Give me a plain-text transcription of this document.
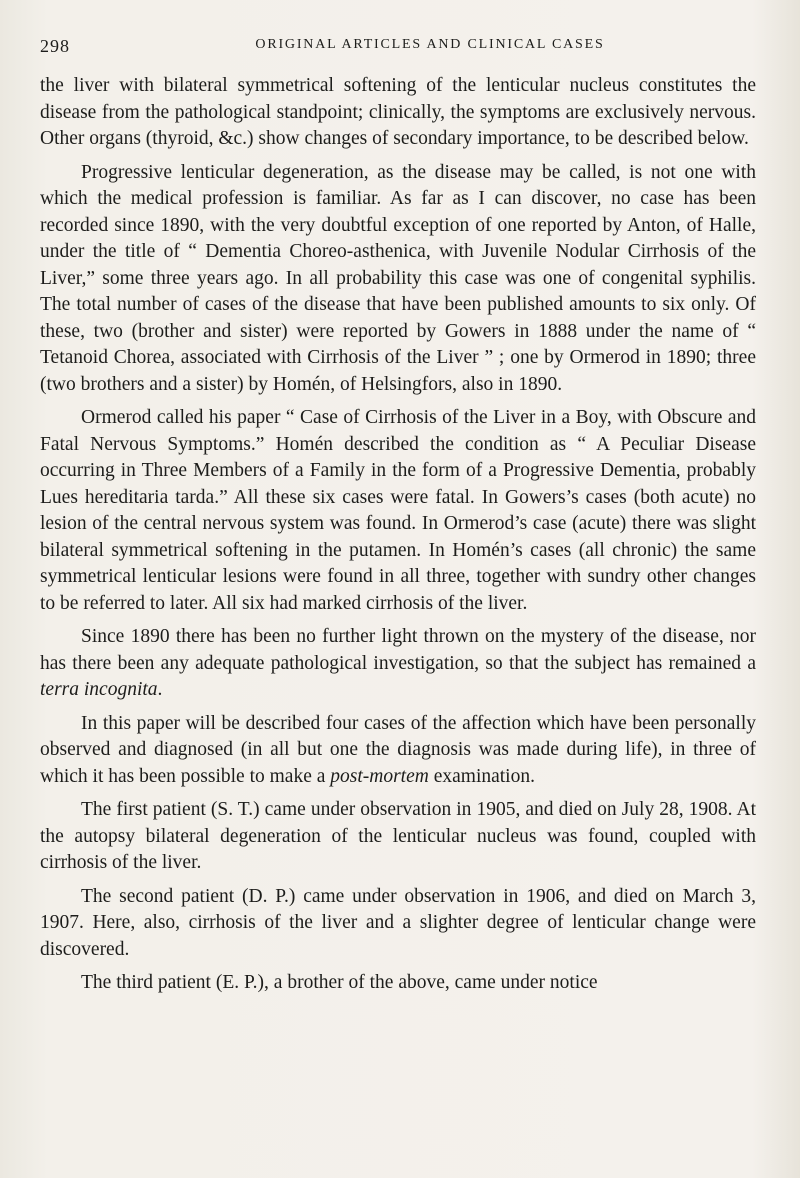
298	ORIGINAL ARTICLES AND CLINICAL CASES

the liver with bilateral symmetrical softening of the lenticular nucleus constitutes the disease from the pathological standpoint; clinically, the symptoms are exclusively nervous. Other organs (thyroid, &c.) show changes of secondary importance, to be described below.

Progressive lenticular degeneration, as the disease may be called, is not one with which the medical profession is familiar. As far as I can discover, no case has been recorded since 1890, with the very doubtful exception of one reported by Anton, of Halle, under the title of “ Dementia Choreo-asthenica, with Juvenile Nodular Cirrhosis of the Liver,” some three years ago. In all probability this case was one of congenital syphilis. The total number of cases of the disease that have been published amounts to six only. Of these, two (brother and sister) were reported by Gowers in 1888 under the name of “ Tetanoid Chorea, associated with Cirrhosis of the Liver ” ; one by Ormerod in 1890; three (two brothers and a sister) by Homén, of Helsingfors, also in 1890.

Ormerod called his paper “ Case of Cirrhosis of the Liver in a Boy, with Obscure and Fatal Nervous Symptoms.” Homén described the condition as “ A Peculiar Disease occurring in Three Members of a Family in the form of a Progressive Dementia, probably Lues hereditaria tarda.” All these six cases were fatal. In Gowers’s cases (both acute) no lesion of the central nervous system was found. In Ormerod’s case (acute) there was slight bilateral symmetrical softening in the putamen. In Homén’s cases (all chronic) the same symmetrical lenticular lesions were found in all three, together with sundry other changes to be referred to later. All six had marked cirrhosis of the liver.

Since 1890 there has been no further light thrown on the mystery of the disease, nor has there been any adequate pathological investigation, so that the subject has remained a terra incognita.

In this paper will be described four cases of the affection which have been personally observed and diagnosed (in all but one the diagnosis was made during life), in three of which it has been possible to make a post-mortem examination.

The first patient (S. T.) came under observation in 1905, and died on July 28, 1908. At the autopsy bilateral degeneration of the lenticular nucleus was found, coupled with cirrhosis of the liver.

The second patient (D. P.) came under observation in 1906, and died on March 3, 1907. Here, also, cirrhosis of the liver and a slighter degree of lenticular change were discovered.

The third patient (E. P.), a brother of the above, came under notice
